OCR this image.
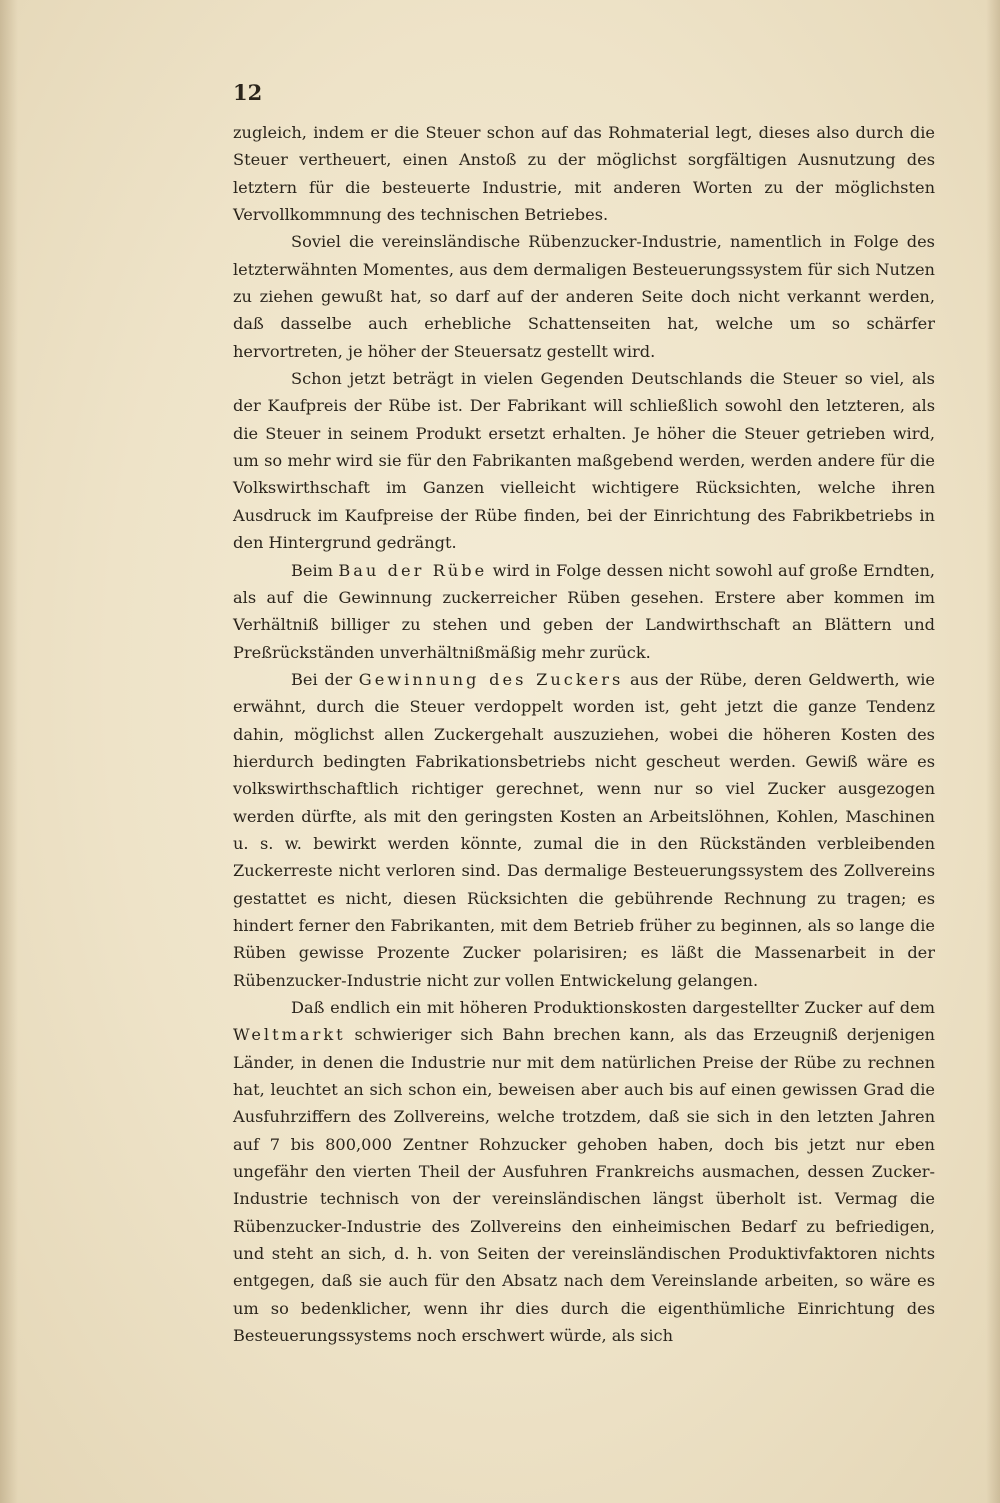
12

zugleich, indem er die Steuer schon auf das Rohmaterial legt, dieses also durch die Steuer vertheuert, einen Anstoß zu der möglichst sorgfältigen Ausnutzung des letztern für die besteuerte Industrie, mit anderen Worten zu der möglichsten Vervollkommnung des technischen Betriebes.

Soviel die vereinsländische Rübenzucker-Industrie, namentlich in Folge des letzterwähnten Momentes, aus dem dermaligen Besteuerungssystem für sich Nutzen zu ziehen gewußt hat, so darf auf der anderen Seite doch nicht verkannt werden, daß dasselbe auch erhebliche Schattenseiten hat, welche um so schärfer hervortreten, je höher der Steuersatz gestellt wird.

Schon jetzt beträgt in vielen Gegenden Deutschlands die Steuer so viel, als der Kaufpreis der Rübe ist. Der Fabrikant will schließlich sowohl den letzteren, als die Steuer in seinem Produkt ersetzt erhalten. Je höher die Steuer getrieben wird, um so mehr wird sie für den Fabrikanten maßgebend werden, werden andere für die Volkswirthschaft im Ganzen vielleicht wichtigere Rücksichten, welche ihren Ausdruck im Kaufpreise der Rübe finden, bei der Einrichtung des Fabrikbetriebs in den Hintergrund gedrängt.

Beim Bau der Rübe wird in Folge dessen nicht sowohl auf große Erndten, als auf die Gewinnung zuckerreicher Rüben gesehen. Erstere aber kommen im Verhältniß billiger zu stehen und geben der Landwirthschaft an Blättern und Preßrückständen unverhältnißmäßig mehr zurück.

Bei der Gewinnung des Zuckers aus der Rübe, deren Geldwerth, wie erwähnt, durch die Steuer verdoppelt worden ist, geht jetzt die ganze Tendenz dahin, möglichst allen Zuckergehalt auszuziehen, wobei die höheren Kosten des hierdurch bedingten Fabrikationsbetriebs nicht gescheut werden. Gewiß wäre es volkswirthschaftlich richtiger gerechnet, wenn nur so viel Zucker ausgezogen werden dürfte, als mit den geringsten Kosten an Arbeitslöhnen, Kohlen, Maschinen u. s. w. bewirkt werden könnte, zumal die in den Rückständen verbleibenden Zuckerreste nicht verloren sind. Das dermalige Besteuerungssystem des Zollvereins gestattet es nicht, diesen Rücksichten die gebührende Rechnung zu tragen; es hindert ferner den Fabrikanten, mit dem Betrieb früher zu beginnen, als so lange die Rüben gewisse Prozente Zucker polarisiren; es läßt die Massenarbeit in der Rübenzucker-Industrie nicht zur vollen Entwickelung gelangen.

Daß endlich ein mit höheren Produktionskosten dargestellter Zucker auf dem Weltmarkt schwieriger sich Bahn brechen kann, als das Erzeugniß derjenigen Länder, in denen die Industrie nur mit dem natürlichen Preise der Rübe zu rechnen hat, leuchtet an sich schon ein, beweisen aber auch bis auf einen gewissen Grad die Ausfuhrziffern des Zollvereins, welche trotzdem, daß sie sich in den letzten Jahren auf 7 bis 800,000 Zentner Rohzucker gehoben haben, doch bis jetzt nur eben ungefähr den vierten Theil der Ausfuhren Frankreichs ausmachen, dessen Zucker-Industrie technisch von der vereinsländischen längst überholt ist. Vermag die Rübenzucker-Industrie des Zollvereins den einheimischen Bedarf zu befriedigen, und steht an sich, d. h. von Seiten der vereinsländischen Produktivfaktoren nichts entgegen, daß sie auch für den Absatz nach dem Vereinslande arbeiten, so wäre es um so bedenklicher, wenn ihr dies durch die eigenthümliche Einrichtung des Besteuerungssystems noch erschwert würde, als sich
